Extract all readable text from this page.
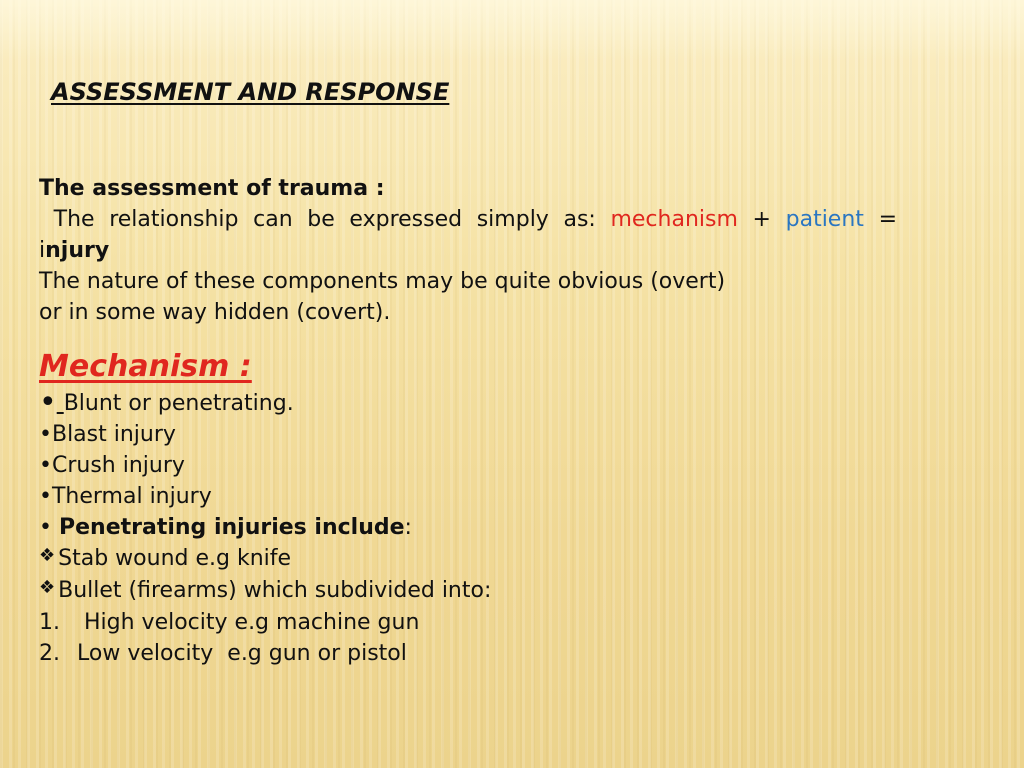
ASSESSMENT AND RESPONSE
The assessment of trauma :
The relationship can be expressed simply as: mechanism + patient =
injury
The nature of these components may be quite obvious (overt)
or in some way hidden (covert).
Mechanism :
• Blunt or penetrating.
•Blast injury
•Crush injury
•Thermal injury
• Penetrating injuries include:
❖ Stab wound e.g knife
❖ Bullet (firearms) which subdivided into:
1. High velocity e.g machine gun
2. Low velocity  e.g gun or pistol
